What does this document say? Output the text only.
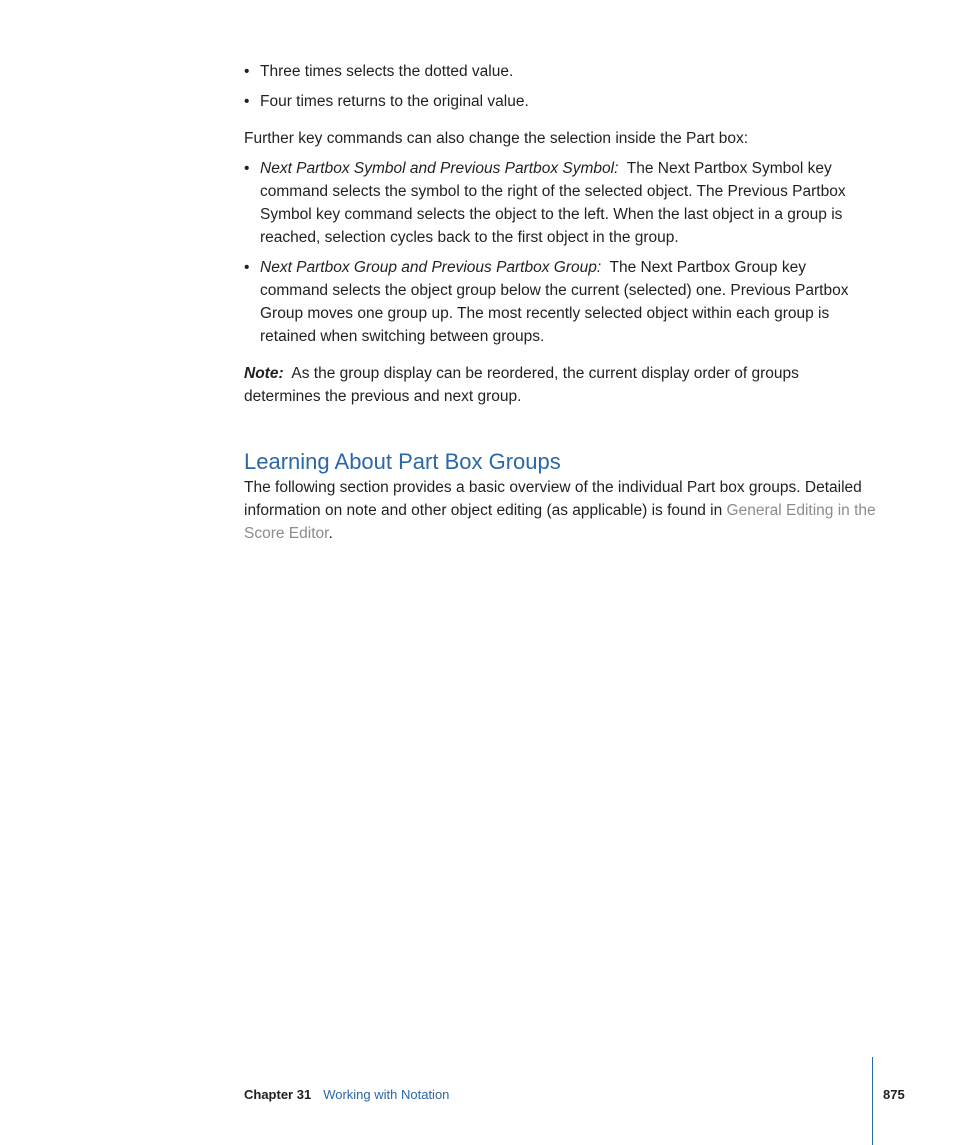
• Three times selects the dotted value.
• Four times returns to the original value.

Further key commands can also change the selection inside the Part box:

• Next Partbox Symbol and Previous Partbox Symbol: The Next Partbox Symbol key command selects the symbol to the right of the selected object. The Previous Partbox Symbol key command selects the object to the left. When the last object in a group is reached, selection cycles back to the first object in the group.
• Next Partbox Group and Previous Partbox Group: The Next Partbox Group key command selects the object group below the current (selected) one. Previous Partbox Group moves one group up. The most recently selected object within each group is retained when switching between groups.

Note: As the group display can be reordered, the current display order of groups determines the previous and next group.

Learning About Part Box Groups

The following section provides a basic overview of the individual Part box groups. Detailed information on note and other object editing (as applicable) is found in General Editing in the Score Editor.

Chapter 31 Working with Notation	875
